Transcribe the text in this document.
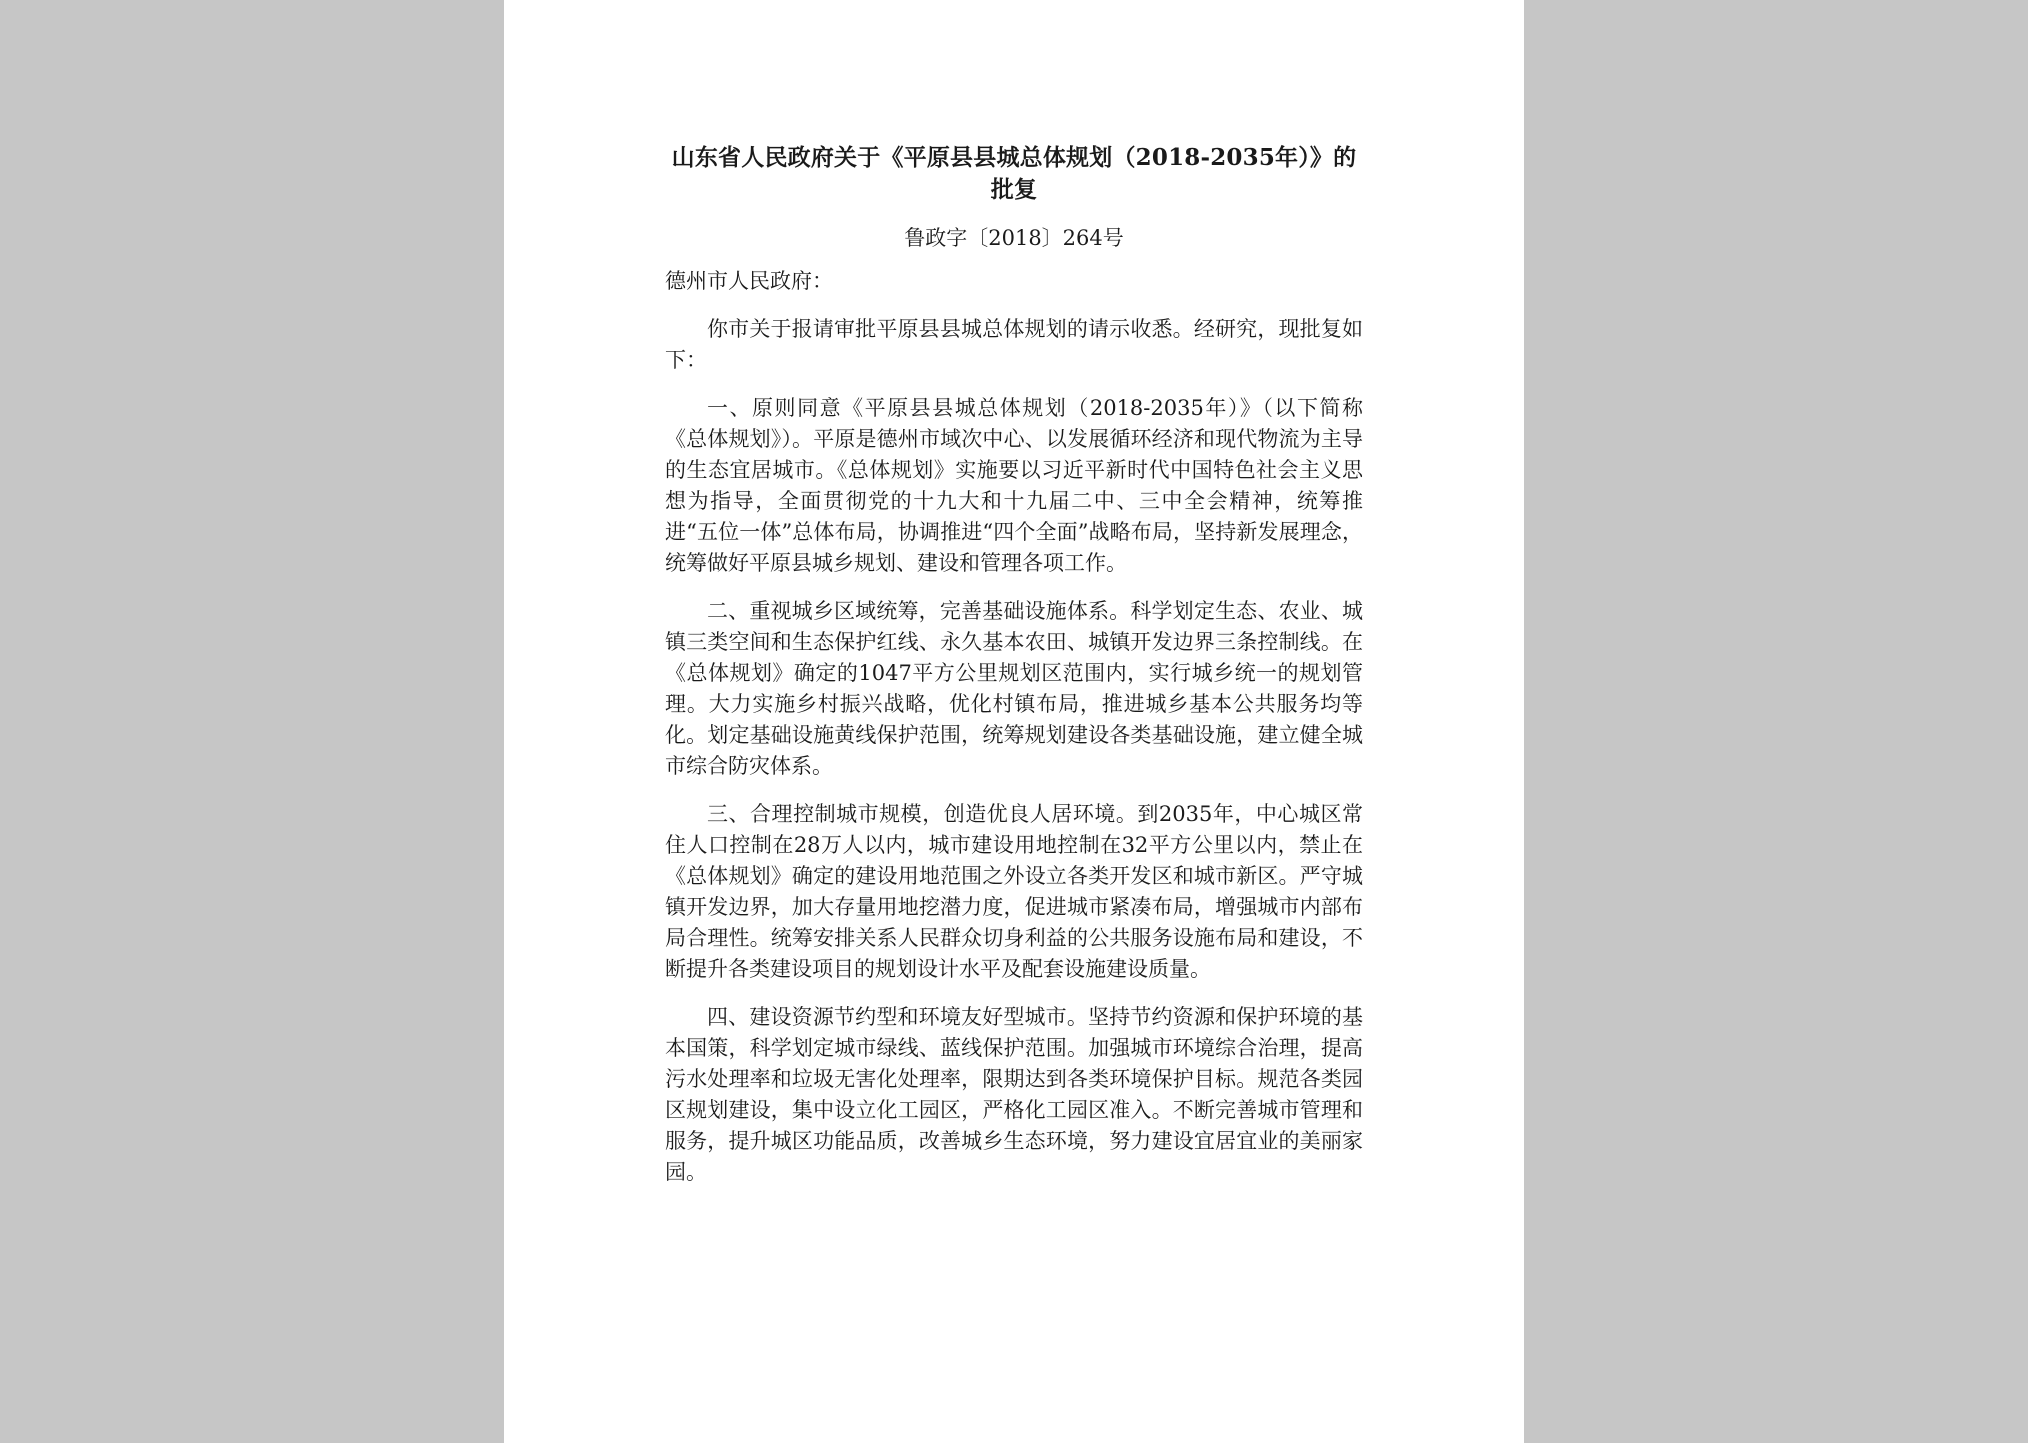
山东省人民政府关于《平原县县城总体规划（2018-2035年）》的
批复

鲁政字〔2018〕264号

德州市人民政府：

你市关于报请审批平原县县城总体规划的请示收悉。经研究，现批复如下：

一、原则同意《平原县县城总体规划（2018-2035年）》（以下简称《总体规划》）。平原是德州市域次中心、以发展循环经济和现代物流为主导的生态宜居城市。《总体规划》实施要以习近平新时代中国特色社会主义思想为指导，全面贯彻党的十九大和十九届二中、三中全会精神，统筹推进“五位一体”总体布局，协调推进“四个全面”战略布局，坚持新发展理念，统筹做好平原县城乡规划、建设和管理各项工作。

二、重视城乡区域统筹，完善基础设施体系。科学划定生态、农业、城镇三类空间和生态保护红线、永久基本农田、城镇开发边界三条控制线。在《总体规划》确定的1047平方公里规划区范围内，实行城乡统一的规划管理。大力实施乡村振兴战略，优化村镇布局，推进城乡基本公共服务均等化。划定基础设施黄线保护范围，统筹规划建设各类基础设施，建立健全城市综合防灾体系。

三、合理控制城市规模，创造优良人居环境。到2035年，中心城区常住人口控制在28万人以内，城市建设用地控制在32平方公里以内，禁止在《总体规划》确定的建设用地范围之外设立各类开发区和城市新区。严守城镇开发边界，加大存量用地挖潜力度，促进城市紧凑布局，增强城市内部布局合理性。统筹安排关系人民群众切身利益的公共服务设施布局和建设，不断提升各类建设项目的规划设计水平及配套设施建设质量。

四、建设资源节约型和环境友好型城市。坚持节约资源和保护环境的基本国策，科学划定城市绿线、蓝线保护范围。加强城市环境综合治理，提高污水处理率和垃圾无害化处理率，限期达到各类环境保护目标。规范各类园区规划建设，集中设立化工园区，严格化工园区准入。不断完善城市管理和服务，提升城区功能品质，改善城乡生态环境，努力建设宜居宜业的美丽家园。
